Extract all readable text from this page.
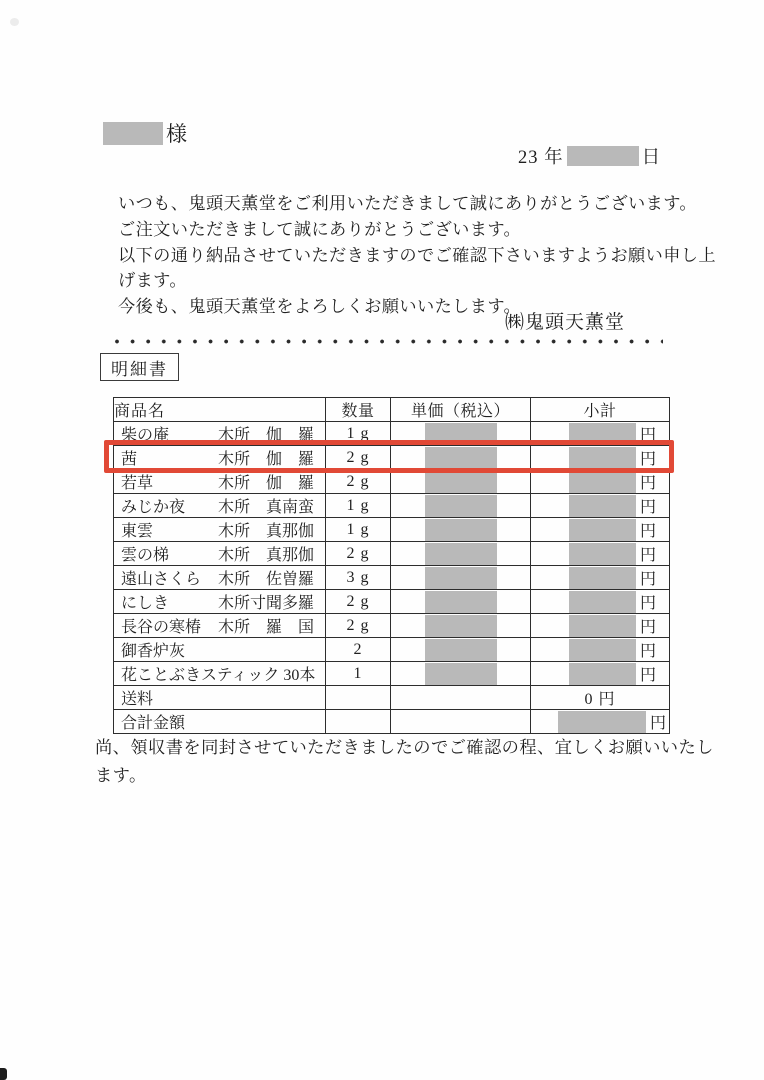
様
23 年	日
いつも、鬼頭天薫堂をご利用いただきまして誠にありがとうございます。
ご注文いただきまして誠にありがとうございます。
以下の通り納品させていただきますのでご確認下さいますようお願い申し上
げます。
今後も、鬼頭天薫堂をよろしくお願いいたします。
㈱鬼頭天薫堂
明細書
商品名	数量	単価（税込）	小計

柴の庵 木所　伽　羅	1 g		円

茜 木所　伽　羅	2 g		円

若草 木所　伽　羅	2 g		円

みじか夜 木所　真南蛮	1 g		円

東雲 木所　真那伽	1 g		円

雲の梯 木所　真那伽	2 g		円

遠山さくら 木所　佐曽羅	3 g		円

にしき 木所寸聞多羅	2 g		円

長谷の寒椿 木所　羅　国	2 g		円

御香炉灰	2		円

花ことぶきスティック 30本	1		円

送料			0 円

合計金額			円
尚、領収書を同封させていただきましたのでご確認の程、宜しくお願いいたし
ます。
